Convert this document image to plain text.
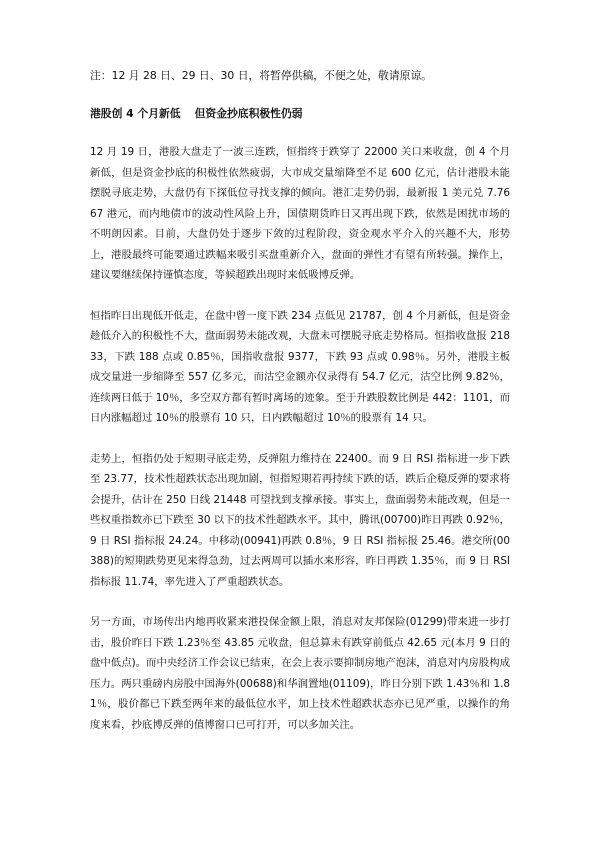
注：12 月 28 日、29 日、30 日，将暂停供稿，不便之处，敬请原谅。

港股创 4 个月新低 但资金抄底积极性仍弱

12 月 19 日，港股大盘走了一波三连跌，恒指终于跌穿了 22000 关口来收盘，创 4 个月新低，但是资金抄底的积极性依然疲弱，大市成交量缩降至不足 600 亿元，估计港股未能摆脱寻底走势，大盘仍有下探低位寻找支撑的倾向。港汇走势仍弱，最新报 1 美元兑 7.7667 港元，而内地债市的波动性风险上升，国债期货昨日又再出现下跌，依然是困扰市场的不明朗因素。目前，大盘仍处于逐步下敛的过程阶段，资金观水平介入的兴趣不大，形势上，港股最终可能要通过跌幅来吸引买盘重新介入，盘面的弹性才有望有所转强。操作上，建议要继续保持谨慎态度，等候超跌出现时来低吸博反弹。

恒指昨日出现低开低走，在盘中曾一度下跌 234 点低见 21787，创 4 个月新低，但是资金趁低介入的积极性不大，盘面弱势未能改观，大盘未可摆脱寻底走势格局。恒指收盘报 21833，下跌 188 点或 0.85％，国指收盘报 9377，下跌 93 点或 0.98％。另外，港股主板成交量进一步缩降至 557 亿多元，而沽空金额亦仅录得有 54.7 亿元，沽空比例 9.82％，连续两日低于 10％，多空双方都有暂时离场的迹象。至于升跌股数比例是 442：1101，而日内涨幅超过 10％的股票有 10 只，日内跌幅超过 10％的股票有 14 只。

走势上，恒指仍处于短期寻底走势，反弹阻力维持在 22400。而 9 日 RSI 指标进一步下跌至 23.77，技术性超跌状态出现加剧，恒指短期若再持续下跌的话，跌后企稳反弹的要求将会提升，估计在 250 日线 21448 可望找到支撑承接。事实上，盘面弱势未能改观，但是一些权重指数亦已下跌至 30 以下的技术性超跌水平。其中，腾讯(00700)昨日再跌 0.92％，9 日 RSI 指标报 24.24。中移动(00941)再跌 0.8％，9 日 RSI 指标报 25.46。港交所(00388)的短期跌势更见来得急劲，过去两周可以插水来形容，昨日再跌 1.35％，而 9 日 RSI 指标报 11.74，率先进入了严重超跌状态。

另一方面，市场传出内地再收紧来港投保金额上限，消息对友邦保险(01299)带来进一步打击，股价昨日下跌 1.23％至 43.85 元收盘，但总算未有跌穿前低点 42.65 元(本月 9 日的盘中低点)。而中央经济工作会议已结束，在会上表示要抑制房地产泡沫，消息对内房股构成压力。两只重磅内房股中国海外(00688)和华润置地(01109)，昨日分别下跌 1.43％和 1.81％，股价都已下跌至两年来的最低位水平，加上技术性超跌状态亦已见严重，以操作的角度来看，抄底博反弹的值博窗口已可打开，可以多加关注。
